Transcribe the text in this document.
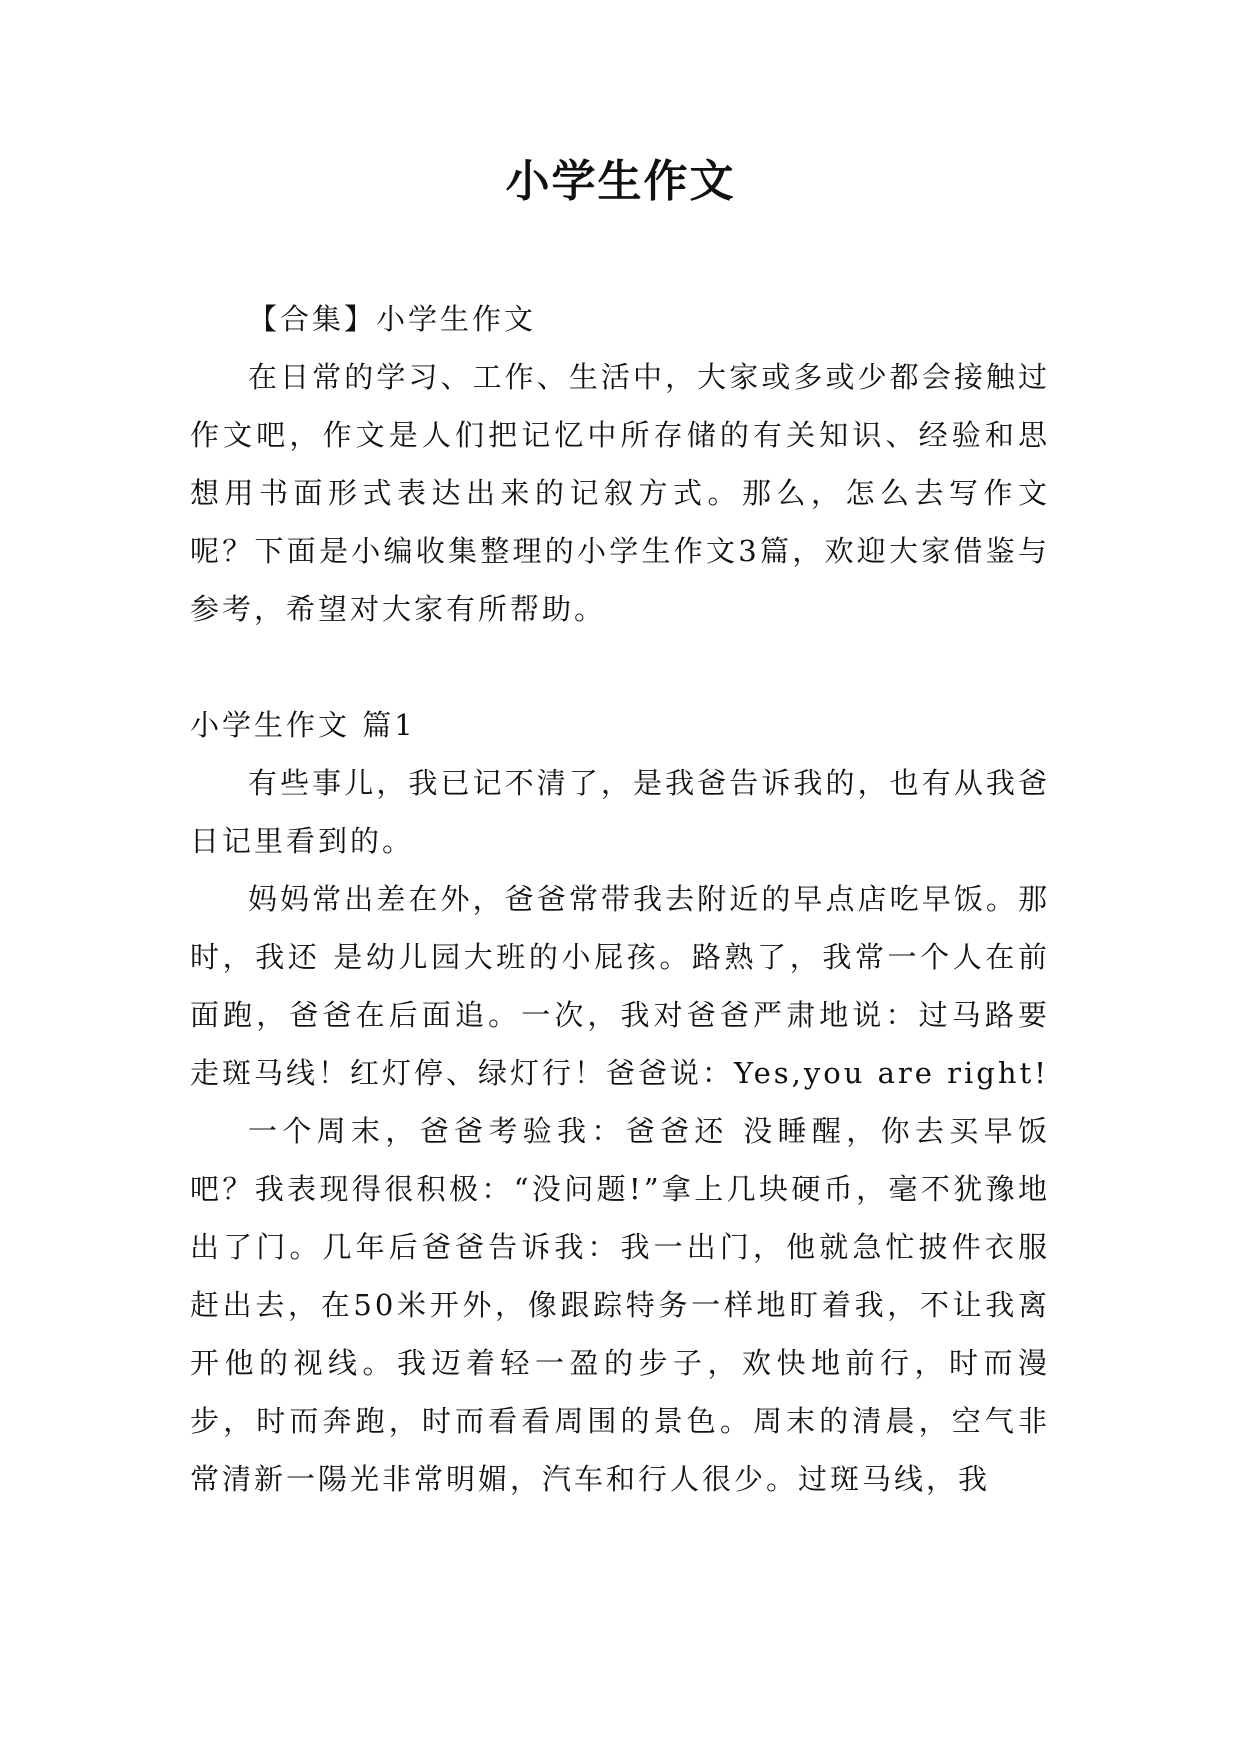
小学生作文

【合集】小学生作文

在日常的学习、工作、生活中，大家或多或少都会接触过作文吧，作文是人们把记忆中所存储的有关知识、经验和思想用书面形式表达出来的记叙方式。那么，怎么去写作文呢？下面是小编收集整理的小学生作文3篇，欢迎大家借鉴与参考，希望对大家有所帮助。

小学生作文 篇1

有些事儿，我已记不清了，是我爸告诉我的，也有从我爸日记里看到的。

妈妈常出差在外，爸爸常带我去附近的早点店吃早饭。那时，我还 是幼儿园大班的小屁孩。路熟了，我常一个人在前面跑，爸爸在后面追。一次，我对爸爸严肃地说：过马路要走斑马线！红灯停、绿灯行！爸爸说：Yes,you are right!

一个周末，爸爸考验我：爸爸还 没睡醒，你去买早饭吧？我表现得很积极：“没问题!”拿上几块硬币，毫不犹豫地出了门。几年后爸爸告诉我：我一出门，他就急忙披件衣服赶出去，在50米开外，像跟踪特务一样地盯着我，不让我离开他的视线。我迈着轻一盈的步子，欢快地前行，时而漫步，时而奔跑，时而看看周围的景色。周末的清晨，空气非常清新一陽光非常明媚，汽车和行人很少。过斑马线，我
